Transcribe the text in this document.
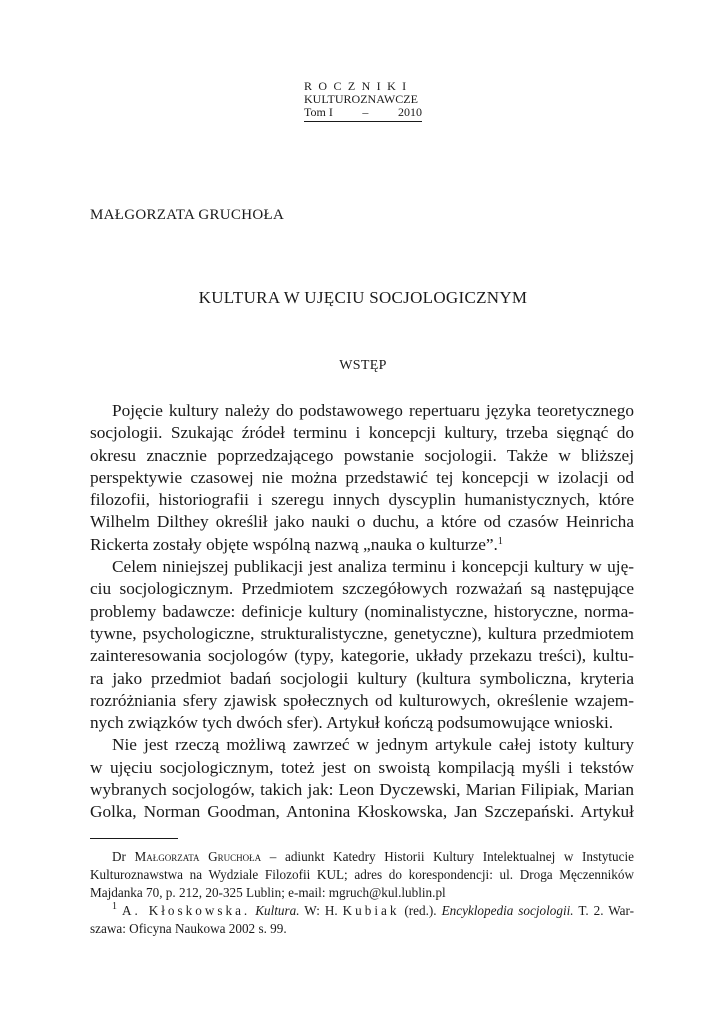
ROCZNIKI
KULTUROZNAWCZE
Tom I – 2010
MAŁGORZATA GRUCHOŁA
KULTURA W UJĘCIU SOCJOLOGICZNYM
WSTĘP
Pojęcie kultury należy do podstawowego repertuaru języka teoretycznego
socjologii. Szukając źródeł terminu i koncepcji kultury, trzeba sięgnąć do
okresu znacznie poprzedzającego powstanie socjologii. Także w bliższej
perspektywie czasowej nie można przedstawić tej koncepcji w izolacji od
filozofii, historiografii i szeregu innych dyscyplin humanistycznych, które
Wilhelm Dilthey określił jako nauki o duchu, a które od czasów Heinricha
Rickerta zostały objęte wspólną nazwą „nauka o kulturze”.$^1$
Celem niniejszej publikacji jest analiza terminu i koncepcji kultury w uję-
ciu socjologicznym. Przedmiotem szczegółowych rozważań są następujące
problemy badawcze: definicje kultury (nominalistyczne, historyczne, norma-
tywne, psychologiczne, strukturalistyczne, genetyczne), kultura przedmiotem
zainteresowania socjologów (typy, kategorie, układy przekazu treści), kultu-
ra jako przedmiot badań socjologii kultury (kultura symboliczna, kryteria
rozróżniania sfery zjawisk społecznych od kulturowych, określenie wzajem-
nych związków tych dwóch sfer). Artykuł kończą podsumowujące wnioski.
Nie jest rzeczą możliwą zawrzeć w jednym artykule całej istoty kultury
w ujęciu socjologicznym, toteż jest on swoistą kompilacją myśli i tekstów
wybranych socjologów, takich jak: Leon Dyczewski, Marian Filipiak, Marian
Golka, Norman Goodman, Antonina Kłoskowska, Jan Szczepański. Artykuł
Dr Małgorzata Gruchoła – adiunkt Katedry Historii Kultury Intelektualnej w Instytucie
Kulturoznawstwa na Wydziale Filozofii KUL; adres do korespondencji: ul. Droga Męczenników
Majdanka 70, p. 212, 20-325 Lublin; e-mail: mgruch@kul.lublin.pl
$^1$ A. Kłoskowska. Kultura. W: H. Kubiak (red.). Encyklopedia socjologii. T. 2. War-
szawa: Oficyna Naukowa 2002 s. 99.
